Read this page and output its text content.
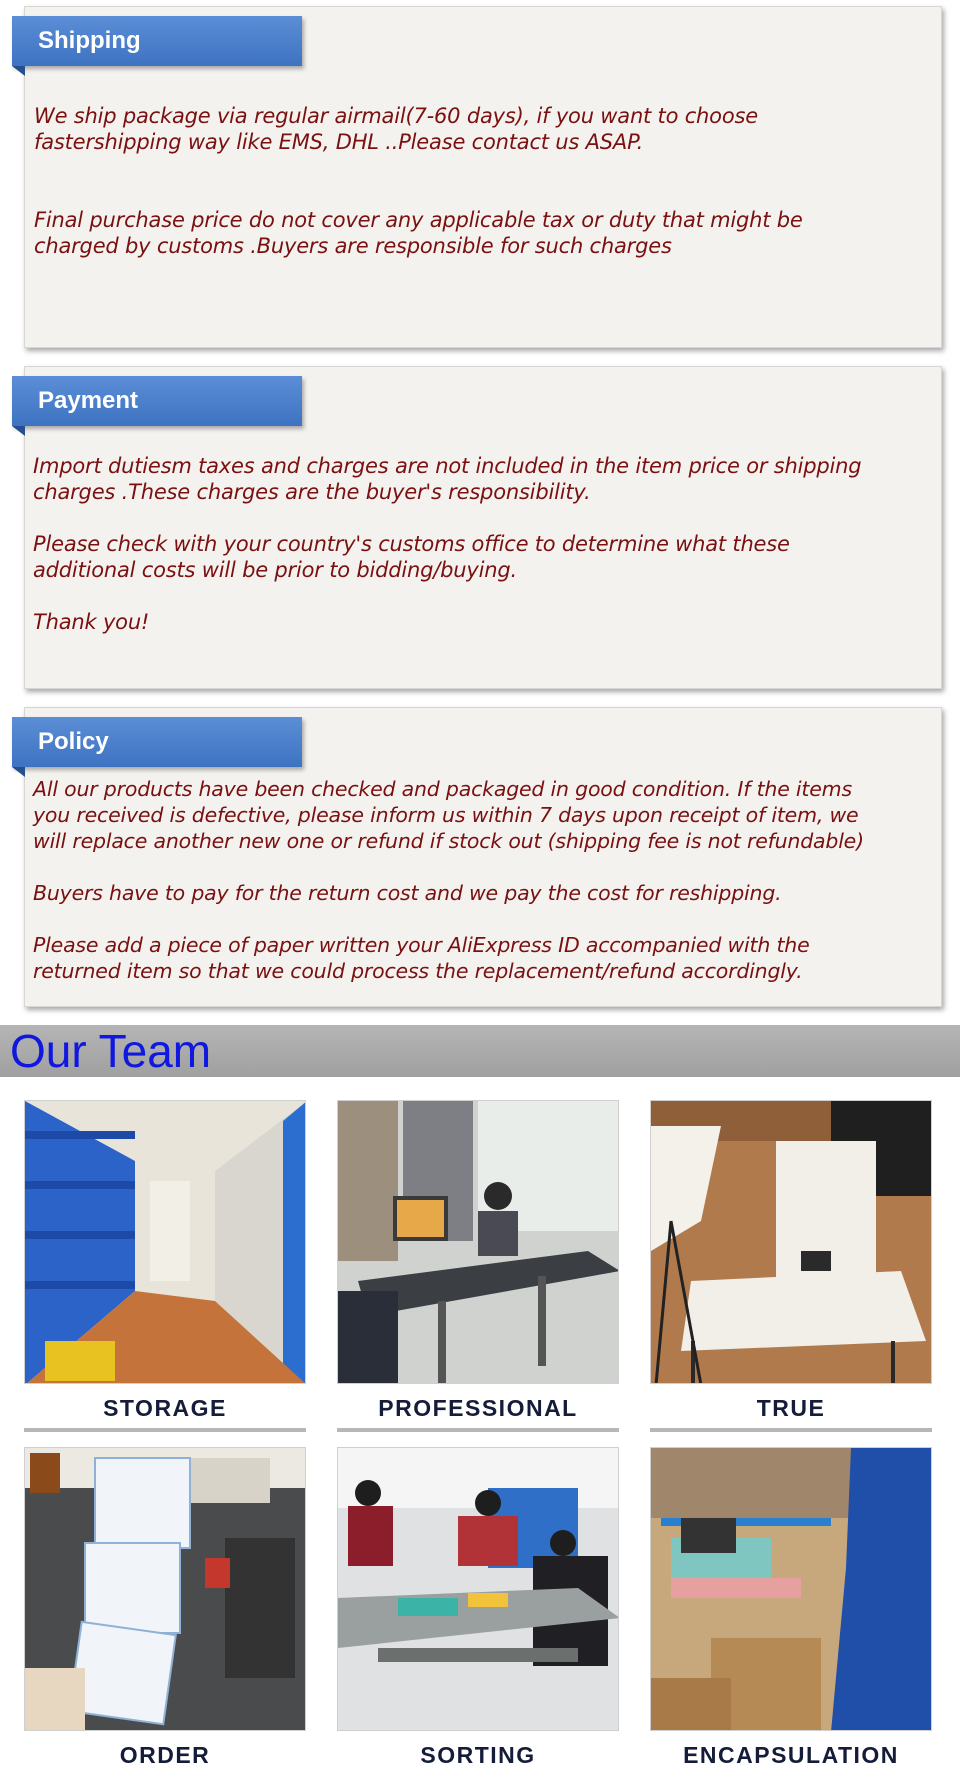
Shipping

We ship package via regular airmail(7-60 days), if you want to choose

fastershipping way like EMS, DHL ..Please contact us ASAP.

Final purchase price do not cover any applicable tax or duty that might be

charged by customs .Buyers are responsible for such charges

Payment

Import dutiesm taxes and charges are not included in the item price or shipping

charges .These charges are the buyer's responsibility.

Please check with your country's customs office to determine what these

additional costs will be prior to bidding/buying.

Thank you!

Policy

All our products have been checked and packaged in good condition. If the items

you received is defective, please inform us within 7 days upon receipt of item, we

will replace another new one or refund if stock out (shipping fee is not refundable)

Buyers have to pay for the return cost and we pay the cost for reshipping.

Please add a piece of paper written your AliExpress ID accompanied with the

returned item so that we could process the replacement/refund accordingly.

Our Team
STORAGE	PROFESSIONAL	TRUE
ORDER	SORTING	ENCAPSULATION
